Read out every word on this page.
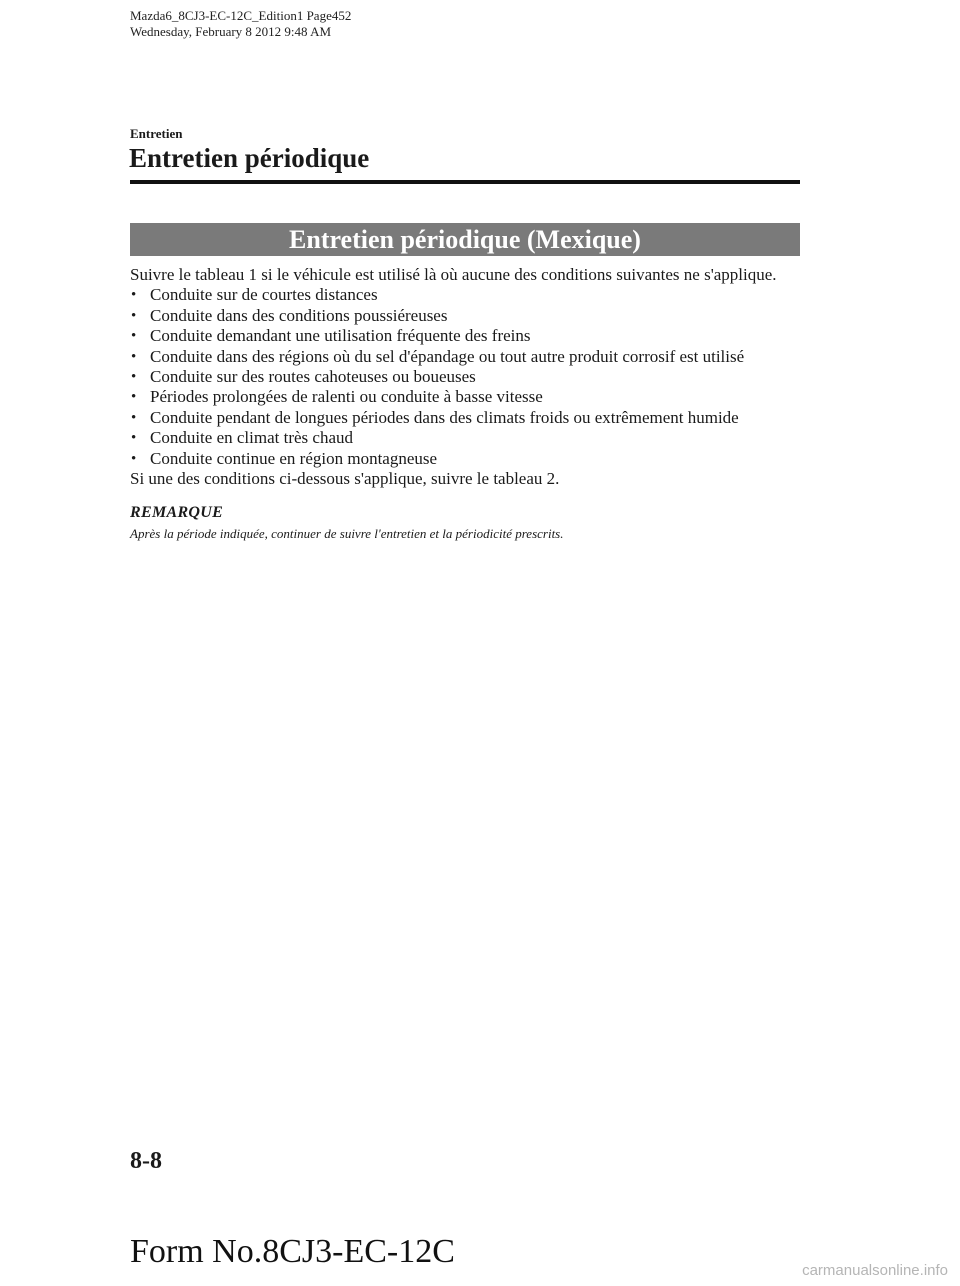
Mazda6_8CJ3-EC-12C_Edition1 Page452
Wednesday, February 8 2012 9:48 AM
Entretien
Entretien périodique
Entretien périodique (Mexique)

Suivre le tableau 1 si le véhicule est utilisé là où aucune des conditions suivantes ne s'applique.

• Conduite sur de courtes distances
• Conduite dans des conditions poussiéreuses
• Conduite demandant une utilisation fréquente des freins
• Conduite dans des régions où du sel d'épandage ou tout autre produit corrosif est utilisé
• Conduite sur des routes cahoteuses ou boueuses
• Périodes prolongées de ralenti ou conduite à basse vitesse
• Conduite pendant de longues périodes dans des climats froids ou extrêmement humide
• Conduite en climat très chaud
• Conduite continue en région montagneuse

Si une des conditions ci-dessous s'applique, suivre le tableau 2.

REMARQUE

Après la période indiquée, continuer de suivre l'entretien et la périodicité prescrits.

8-8
Form No.8CJ3-EC-12C
carmanualsonline.info
